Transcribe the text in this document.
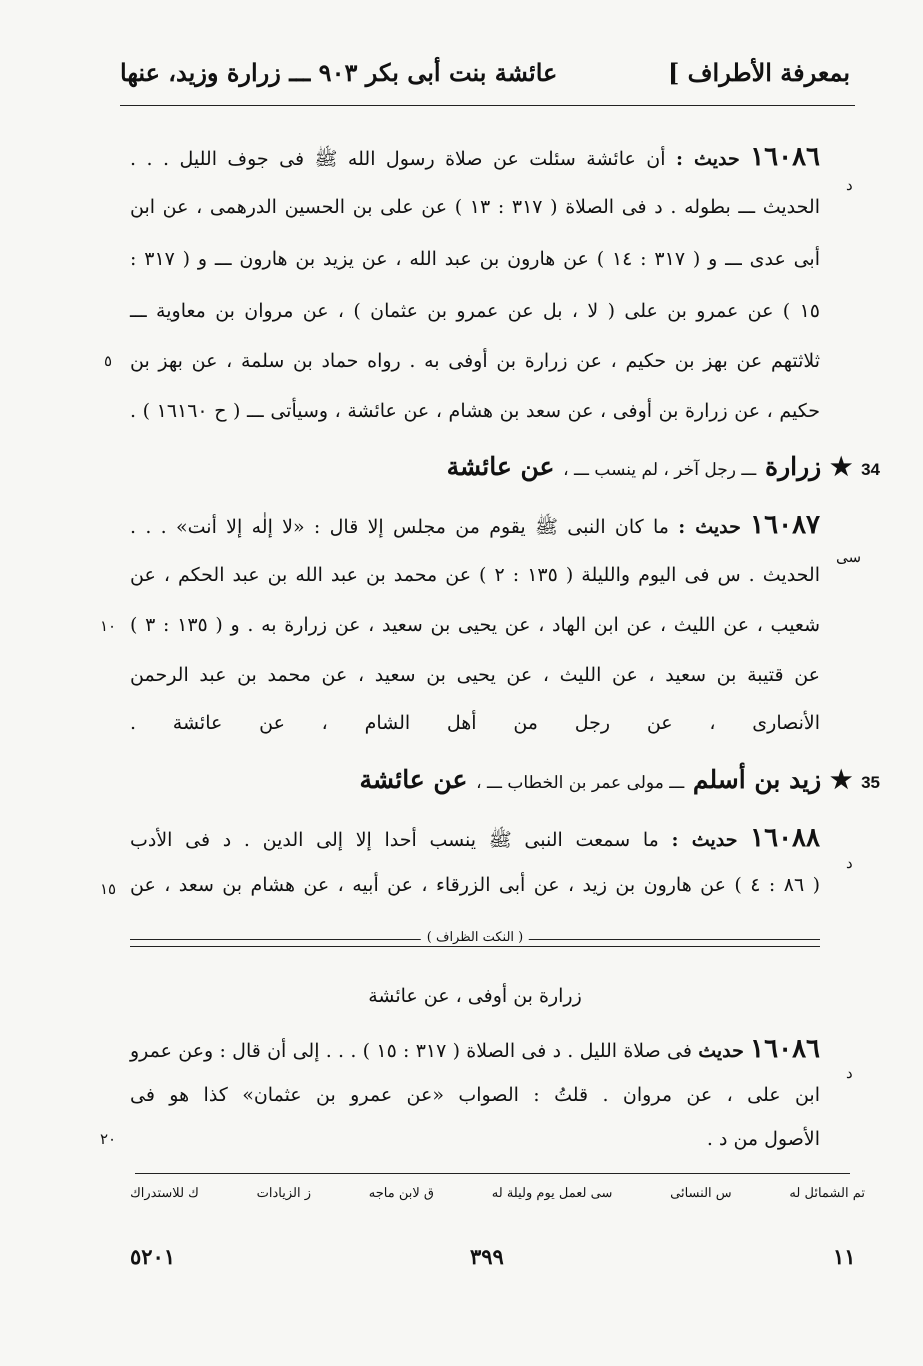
بمعرفة الأطراف ]
عائشة بنت أبى بكر ٩٠٣ ـــ زرارة وزيد، عنها
١٦٠٨٦ حديث : أن عائشة سئلت عن صلاة رسول الله ﷺ فى جوف الليل . . .
الحديث ـــ بطوله . د فى الصلاة ( ٣١٧ : ١٣ ) عن على بن الحسين الدرهمى ، عن ابن
أبى عدى ـــ و ( ٣١٧ : ١٤ ) عن هارون بن عبد الله ، عن يزيد بن هارون ـــ و ( ٣١٧ :
١٥ ) عن عمرو بن على ( لا ، بل عن عمرو بن عثمان ) ، عن مروان بن معاوية ـــ
ثلاثتهم عن بهز بن حكيم ، عن زرارة بن أوفى به . رواه حماد بن سلمة ، عن بهز بن
حكيم ، عن زرارة بن أوفى ، عن سعد بن هشام ، عن عائشة ، وسيأتى ـــ ( ح ١٦١٦٠ ) .
د
٥
34 ★ زرارة ـــ رجل آخر ، لم ينسب ـــ ، عن عائشة
١٦٠٨٧ حديث : ما كان النبى ﷺ يقوم من مجلس إلا قال : «لا إلٰه إلا أنت» . . .
الحديث . س فى اليوم والليلة ( ١٣٥ : ٢ ) عن محمد بن عبد الله بن عبد الحكم ، عن
شعيب ، عن الليث ، عن ابن الهاد ، عن يحيى بن سعيد ، عن زرارة به . و ( ١٣٥ : ٣ )
عن قتيبة بن سعيد ، عن الليث ، عن يحيى بن سعيد ، عن محمد بن عبد الرحمن
الأنصارى ، عن رجل من أهل الشام ، عن عائشة .
سى
١٠
35 ★ زيد بن أسلم ـــ مولى عمر بن الخطاب ـــ ، عن عائشة
١٦٠٨٨ حديث : ما سمعت النبى ﷺ ينسب أحدا إلا إلى الدين . د فى الأدب
( ٨٦ : ٤ ) عن هارون بن زيد ، عن أبى الزرقاء ، عن أبيه ، عن هشام بن سعد ، عن
د
١٥
( النكت الظراف )
زرارة بن أوفى ، عن عائشة
١٦٠٨٦ حديث فى صلاة الليل . د فى الصلاة ( ٣١٧ : ١٥ ) . . . إلى أن قال : وعن عمرو
ابن على ، عن مروان . قلتُ : الصواب «عن عمرو بن عثمان» كذا هو فى
الأصول من د .
د
٢٠
تم الشمائل له
س النسائى
سى لعمل يوم وليلة له
ق لابن ماجه
ز الزيادات
ك للاستدراك
١١
٣٩٩
٥٢٠١
